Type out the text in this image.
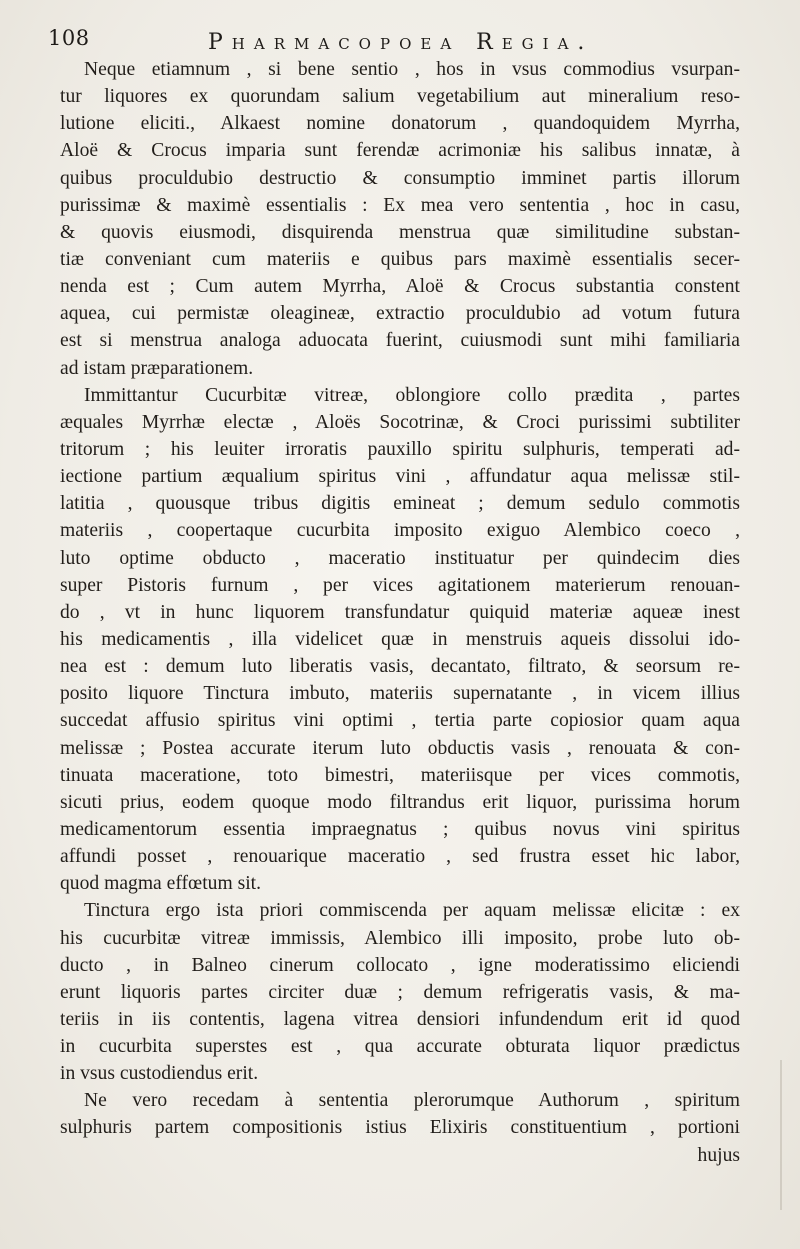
108	Pharmacopoea Regia.
Neque etiamnum , si bene sentio , hos in vsus commodius vsurpan-
tur liquores ex quorundam salium vegetabilium aut mineralium reso-
lutione eliciti., Alkaest nomine donatorum , quandoquidem Myrrha,
Aloë & Crocus imparia sunt ferendæ acrimoniæ his salibus innatæ, à
quibus proculdubio destructio & consumptio imminet partis illorum
purissimæ & maximè essentialis : Ex mea vero sententia , hoc in casu,
& quovis eiusmodi, disquirenda menstrua quæ similitudine substan-
tiæ conveniant cum materiis e quibus pars maximè essentialis secer-
nenda est ; Cum autem Myrrha, Aloë & Crocus substantia constent
aquea, cui permistæ oleagineæ, extractio proculdubio ad votum futura
est si menstrua analoga aduocata fuerint, cuiusmodi sunt mihi familiaria
ad istam præparationem.
Immittantur Cucurbitæ vitreæ, oblongiore collo prædita , partes
æquales Myrrhæ electæ , Aloës Socotrinæ, & Croci purissimi subtiliter
tritorum ; his leuiter irroratis pauxillo spiritu sulphuris, temperati ad-
iectione partium æqualium spiritus vini , affundatur aqua melissæ stil-
latitia , quousque tribus digitis emineat ; demum sedulo commotis
materiis , coopertaque cucurbita imposito exiguo Alembico coeco ,
luto optime obducto , maceratio instituatur per quindecim dies
super Pistoris furnum , per vices agitationem materierum renouan-
do , vt in hunc liquorem transfundatur quiquid materiæ aqueæ inest
his medicamentis , illa videlicet quæ in menstruis aqueis dissolui ido-
nea est : demum luto liberatis vasis, decantato, filtrato, & seorsum re-
posito liquore Tinctura imbuto, materiis supernatante , in vicem illius
succedat affusio spiritus vini optimi , tertia parte copiosior quam aqua
melissæ ; Postea accurate iterum luto obductis vasis , renouata & con-
tinuata maceratione, toto bimestri, materiisque per vices commotis,
sicuti prius, eodem quoque modo filtrandus erit liquor, purissima horum
medicamentorum essentia impraegnatus ; quibus novus vini spiritus
affundi posset , renouarique maceratio , sed frustra esset hic labor,
quod magma effœtum sit.
Tinctura ergo ista priori commiscenda per aquam melissæ elicitæ : ex
his cucurbitæ vitreæ immissis, Alembico illi imposito, probe luto ob-
ducto , in Balneo cinerum collocato , igne moderatissimo eliciendi
erunt liquoris partes circiter duæ ; demum refrigeratis vasis, & ma-
teriis in iis contentis, lagena vitrea densiori infundendum erit id quod
in cucurbita superstes est , qua accurate obturata liquor prædictus
in vsus custodiendus erit.
Ne vero recedam à sententia plerorumque Authorum , spiritum
sulphuris partem compositionis istius Elixiris constituentium , portioni
hujus
